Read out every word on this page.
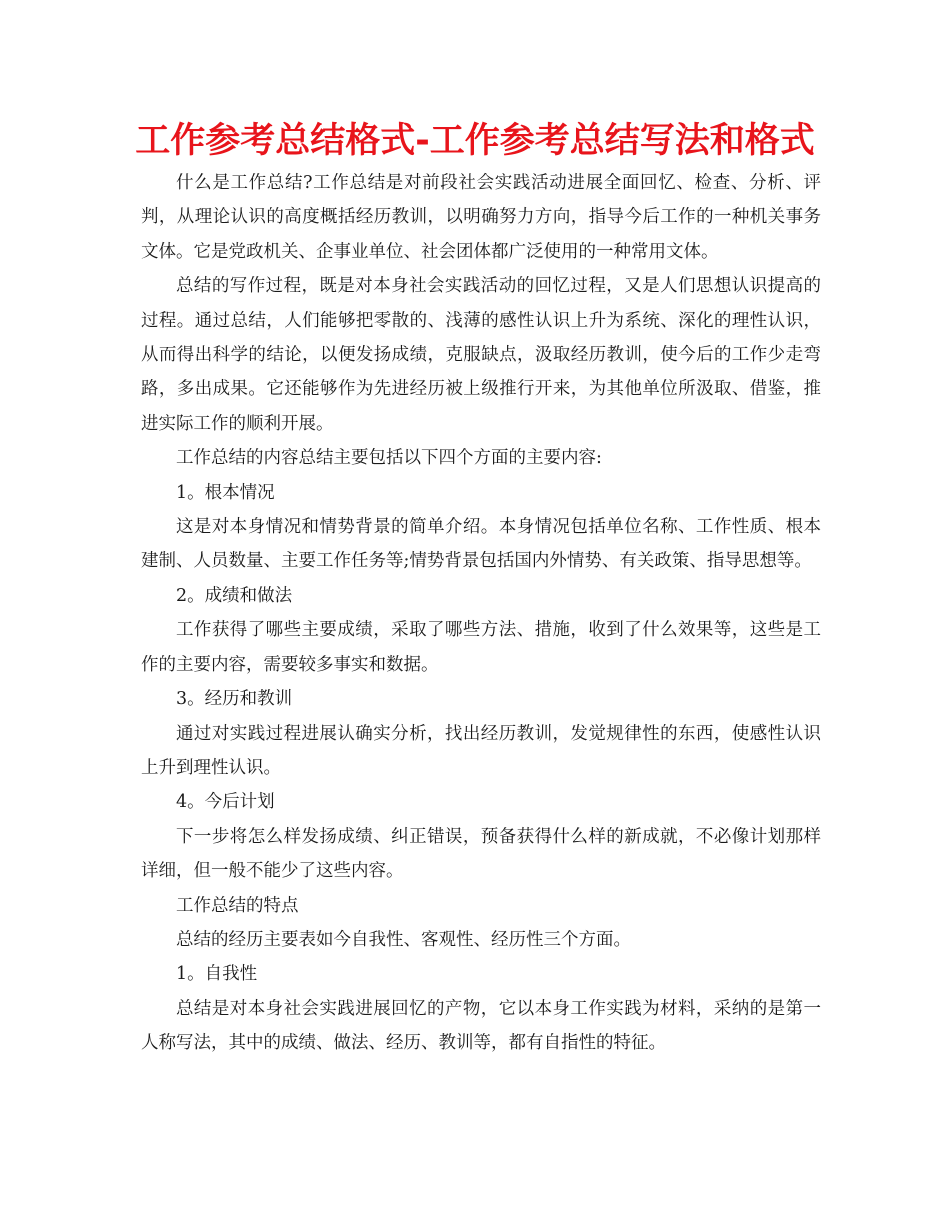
工作参考总结格式-工作参考总结写法和格式

什么是工作总结?工作总结是对前段社会实践活动进展全面回忆、检查、分析、评判，从理论认识的高度概括经历教训，以明确努力方向，指导今后工作的一种机关事务文体。它是党政机关、企事业单位、社会团体都广泛使用的一种常用文体。

总结的写作过程，既是对本身社会实践活动的回忆过程，又是人们思想认识提高的过程。通过总结，人们能够把零散的、浅薄的感性认识上升为系统、深化的理性认识，从而得出科学的结论，以便发扬成绩，克服缺点，汲取经历教训，使今后的工作少走弯路，多出成果。它还能够作为先进经历被上级推行开来，为其他单位所汲取、借鉴，推进实际工作的顺利开展。

工作总结的内容总结主要包括以下四个方面的主要内容:

1。根本情况

这是对本身情况和情势背景的简单介绍。本身情况包括单位名称、工作性质、根本建制、人员数量、主要工作任务等;情势背景包括国内外情势、有关政策、指导思想等。

2。成绩和做法

工作获得了哪些主要成绩，采取了哪些方法、措施，收到了什么效果等，这些是工作的主要内容，需要较多事实和数据。

3。经历和教训

通过对实践过程进展认确实分析，找出经历教训，发觉规律性的东西，使感性认识上升到理性认识。

4。今后计划

下一步将怎么样发扬成绩、纠正错误，预备获得什么样的新成就，不必像计划那样详细，但一般不能少了这些内容。

工作总结的特点

总结的经历主要表如今自我性、客观性、经历性三个方面。

1。自我性

总结是对本身社会实践进展回忆的产物，它以本身工作实践为材料，采纳的是第一人称写法，其中的成绩、做法、经历、教训等，都有自指性的特征。
